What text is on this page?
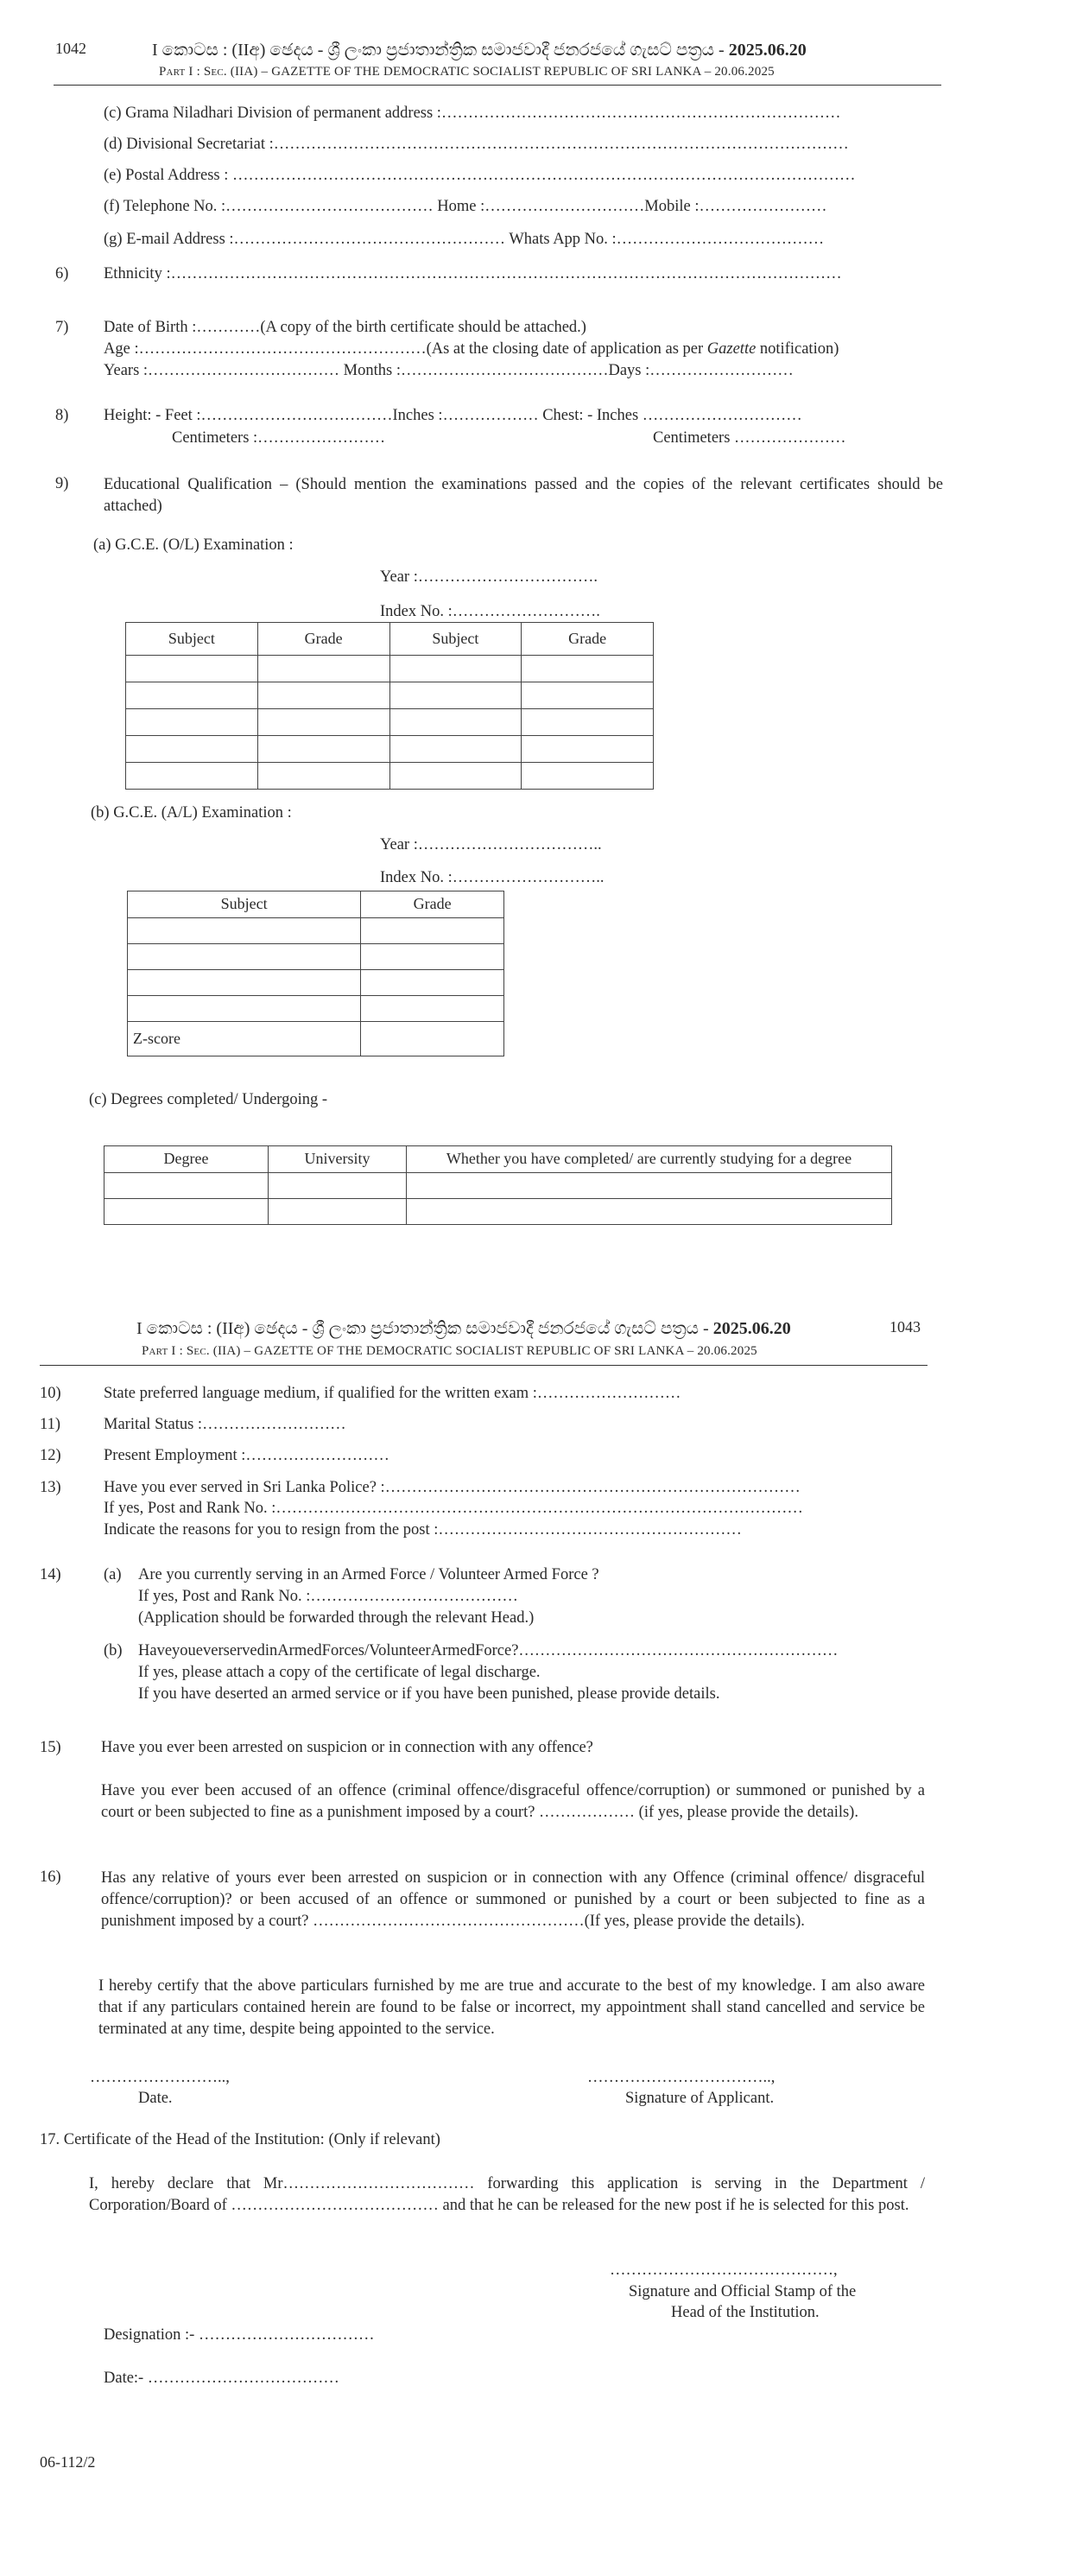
1042	I කොටස : (IIඅ) ඡෙදය - ශ්‍රී ලංකා ප්‍රජාතාන්ත්‍රික සමාජවාදී ජනරජයේ ගැසට් පත්‍රය - 2025.06.20
Part I : Sec. (IIA) – GAZETTE OF THE DEMOCRATIC SOCIALIST REPUBLIC OF SRI LANKA – 20.06.2025
(c) Grama Niladhari Division of permanent address :…………………………………………………………………
(d) Divisional Secretariat :………………………………………………………………………………………………
(e) Postal Address : ………………………………………………………………………………………………………
(f) Telephone No. :………………………………… Home :…………………………Mobile :……………………
(g) E-mail Address :…………………………………………… Whats App No. :…………………………………
6) Ethnicity :………………………………………………………………………………………………………………
7) Date of Birth :…………(A copy of the birth certificate should be attached.)
Age :………………………………………………(As at the closing date of application as per Gazette notification)
Years :……………………………… Months :…………………………………Days :………………………
8) Height: - Feet :………………………………Inches :……………… Chest: - Inches …………………………
Centimeters :……………………	Centimeters …………………
9) Educational Qualification – (Should mention the examinations passed and the copies of the relevant certificates should be attached)
(a) G.C.E. (O/L) Examination :
Year :…………………………….
Index No. :……………………….
Subject	Grade	Subject	Grade

(b) G.C.E. (A/L) Examination :
Year :……………………………..
Index No. :………………………..
Subject	Grade

Z-score	
(c) Degrees completed/ Undergoing -
Degree	University	Whether you have completed/ are currently studying for a degree

I කොටස : (IIඅ) ඡෙදය - ශ්‍රී ලංකා ප්‍රජාතාන්ත්‍රික සමාජවාදී ජනරජයේ ගැසට් පත්‍රය - 2025.06.20	1043
Part I : Sec. (IIA) – GAZETTE OF THE DEMOCRATIC SOCIALIST REPUBLIC OF SRI LANKA – 20.06.2025
10)	State preferred language medium, if qualified for the written exam :………………………
11)	Marital Status :………………………
12)	Present Employment :………………………
13)	Have you ever served in Sri Lanka Police? :……………………………………………………………………
If yes, Post and Rank No. :………………………………………………………………………………………
Indicate the reasons for you to resign from the post :…………………………………………………
14)	(a) Are you currently serving in an Armed Force / Volunteer Armed Force ?
If yes, Post and Rank No. :…………………………………
(Application should be forwarded through the relevant Head.)
(b) HaveyoueverservedinArmedForces/VolunteerArmedForce?……………………………………………………
If yes, please attach a copy of the certificate of legal discharge.
If you have deserted an armed service or if you have been punished, please provide details.
15)	Have you ever been arrested on suspicion or in connection with any offence?
Have you ever been accused of an offence (criminal offence/disgraceful offence/corruption) or summoned or punished by a court or been subjected to fine as a punishment imposed by a court? ……………… (if yes, please provide the details).
16)	Has any relative of yours ever been arrested on suspicion or in connection with any Offence (criminal offence/ disgraceful offence/corruption)? or been accused of an offence or summoned or punished by a court or been subjected to fine as a punishment imposed by a court? ……………………………………………(If yes, please provide the details).
I hereby certify that the above particulars furnished by me are true and accurate to the best of my knowledge. I am also aware that if any particulars contained herein are found to be false or incorrect, my appointment shall stand cancelled and service be terminated at any time, despite being appointed to the service.
……………………..,
Date.
……………………………..,
Signature of Applicant.
17. Certificate of the Head of the Institution: (Only if relevant)
I, hereby declare that Mr……………………………… forwarding this application is serving in the Department / Corporation/Board of ………………………………… and that he can be released for the new post if he is selected for this post.
……………………………………,
Signature and Official Stamp of the
Head of the Institution.
Designation :- ……………………………
Date:- ………………………………
06-112/2
